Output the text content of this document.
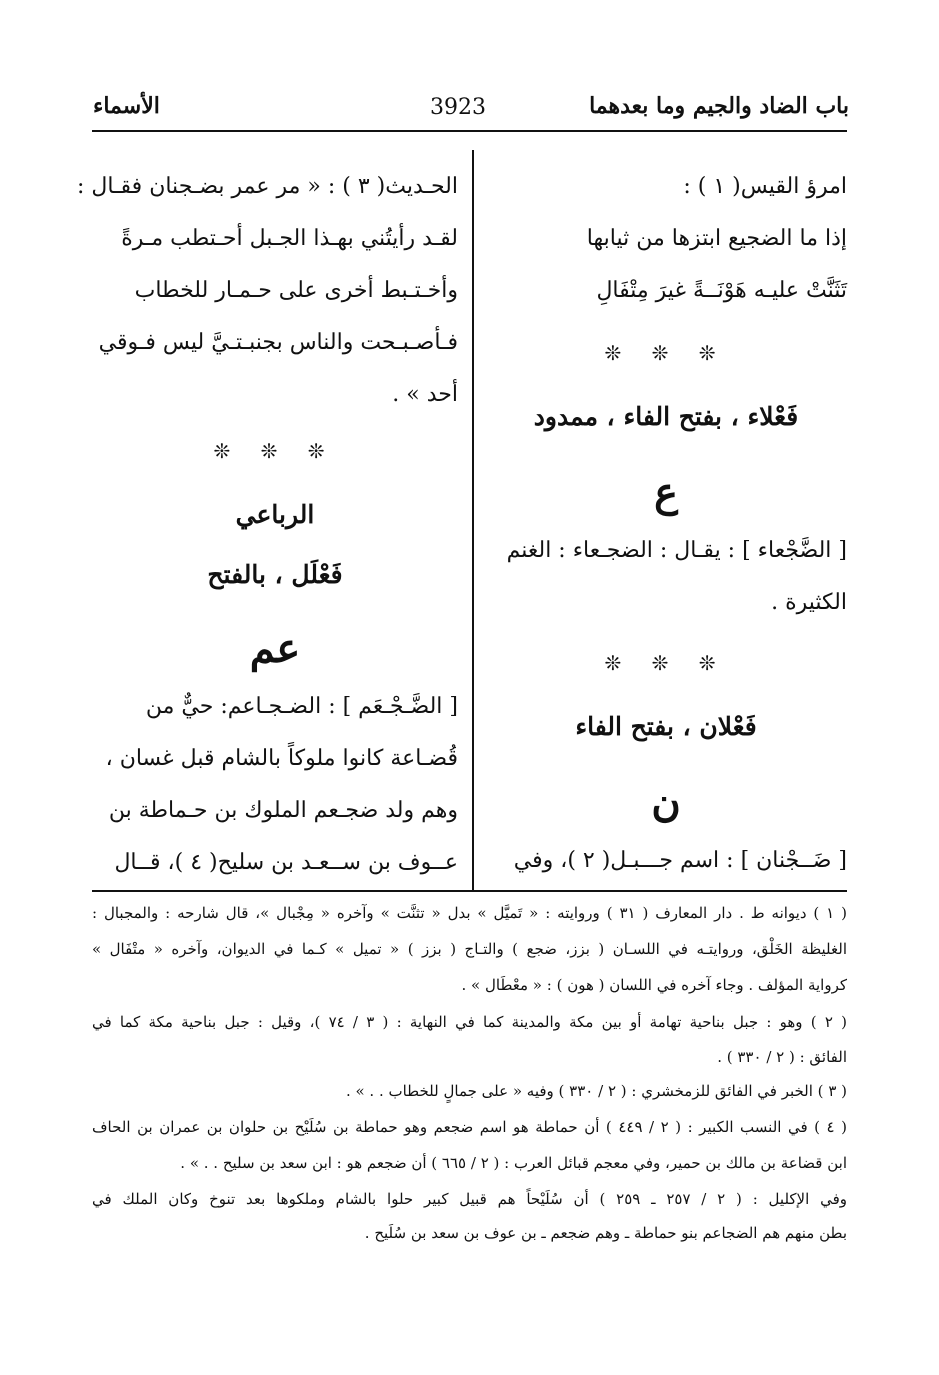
باب الضاد والجيم وما بعدهما
3923
الأسماء
امرؤ القيس( ١ ) :
إذا ما الضجيع ابتزها من ثيابها
تَثَنَّتْ عليـه هَوْنَــةً غيرَ مِتْفَالِ
❊ ❊ ❊
فَعْلاء ، بفتح الفاء ، ممدود
ع
[ الضَّجْعاء ] : يقـال : الضجـعاء : الغنم
الكثيرة .
❊ ❊ ❊
فَعْلان ، بفتح الفاء
ن
[ ضَــجْنان ] : اسم جـــبـل( ٢ )، وفي
الحـديث( ٣ ) : « مر عمر بضـجنان فقـال :
لقـد رأيتُني بهـذا الجـبل أحـتطب مـرةً
وأخـتـبط أخرى على حـمـار للخطاب
فـأصـبـحت والناس بجنبـتـيَّ ليس فـوقي
أحد » .
❊ ❊ ❊
الرباعي
فَعْلَل ، بالفتح
عم
[ الضَّـجْـعَم ] : الضـجـاعم: حيٌّ من
قُضـاعة كانوا ملوكاً بالشام قبل غسان ،
وهم ولد ضجـعم الملوك بن حـماطة بن
عــوف بن ســعـد بن سليح( ٤ )، قــال
( ١ ) ديوانه ط . دار المعارف ( ٣١ ) وروايته : « تَميَّل » بدل « تثنَّت » وآخره « مِجْبال »، قال شارحه : والمجبال :
الغليظة الخَلْق، وروايتـه في اللسـان ( بزز، ضجع ) والتـاج ( بزز ) « تميل » كـما في الديوان، وآخره « متْفَال »
كرواية المؤلف . وجاء آخره في اللسان ( هون ) : « معْطَال » .
( ٢ ) وهو : جبل بناحية تهامة أو بين مكة والمدينة كما في النهاية : ( ٣ / ٧٤ )، وقيل : جبل بناحية مكة كما في
الفائق : ( ٢ / ٣٣٠ ) .
( ٣ ) الخبر في الفائق للزمخشري : ( ٢ / ٣٣٠ ) وفيه « على جمالٍ للخطاب . . » .
( ٤ ) في النسب الكبير : ( ٢ / ٤٤٩ ) أن حماطة هو اسم ضجعم وهو حماطة بن سُلَيْح بن حلوان بن عمران بن الحاف
ابن قضاعة بن مالك بن حمير، وفي معجم قبائل العرب : ( ٢ / ٦٦٥ ) أن ضجعم هو : ابن سعد بن سليح . . » .
وفي الإكليل : ( ٢ / ٢٥٧ ـ ٢٥٩ ) أن سُلَيْحاً هم قبيل كبير حلوا بالشام وملكوها بعد تنوخ وكان الملك في
بطن منهم هم الضجاعم بنو حماطة ـ وهم ضجعم ـ بن عوف بن سعد بن سُلَيح .
